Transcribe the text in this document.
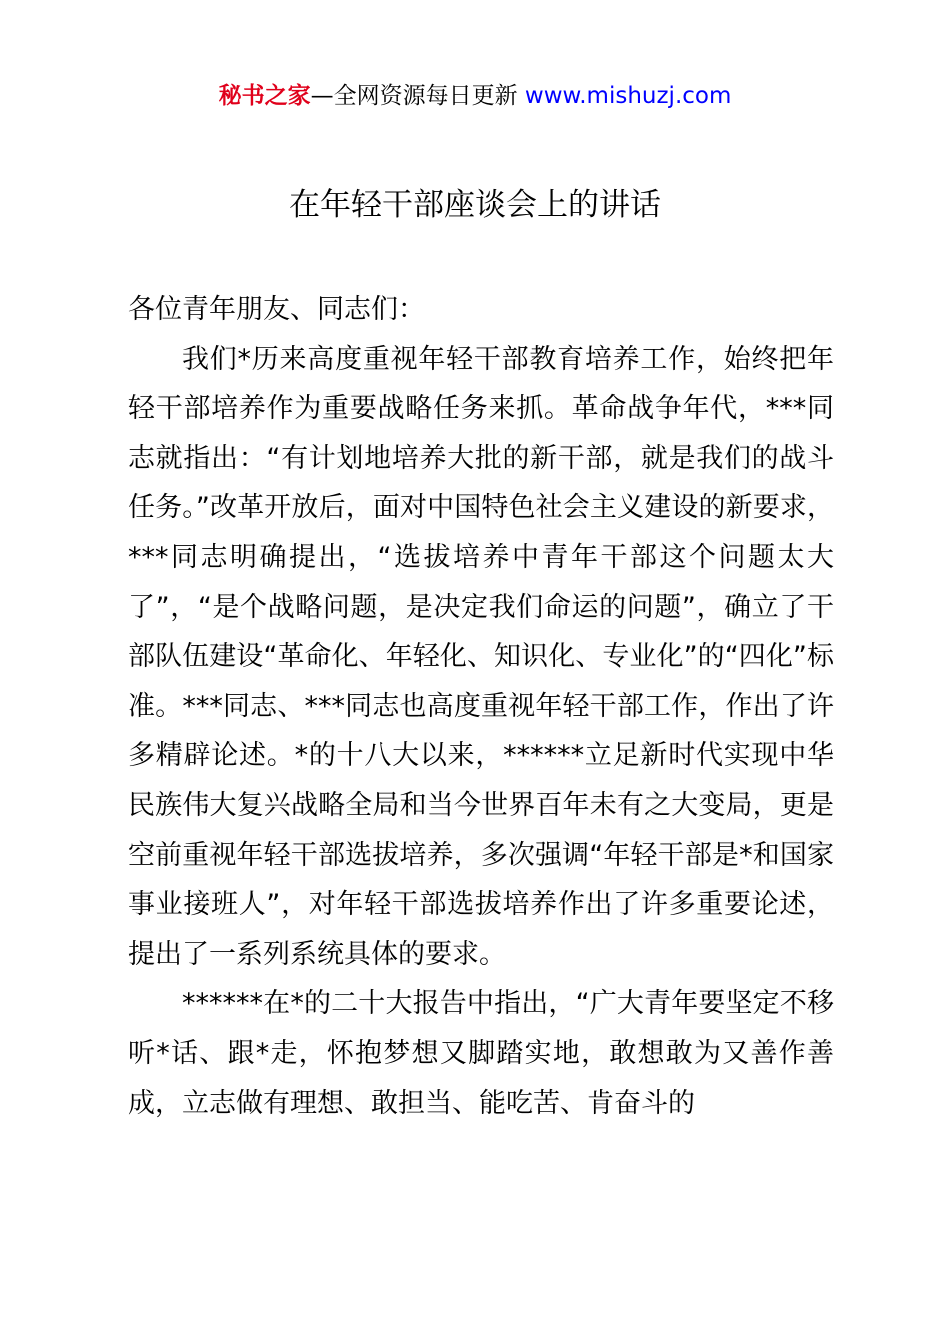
秘书之家—全网资源每日更新 www.mishuzj.com
在年轻干部座谈会上的讲话

各位青年朋友、同志们：

我们*历来高度重视年轻干部教育培养工作，始终把年轻干部培养作为重要战略任务来抓。革命战争年代，***同志就指出：“有计划地培养大批的新干部，就是我们的战斗任务。”改革开放后，面对中国特色社会主义建设的新要求，***同志明确提出，“选拔培养中青年干部这个问题太大了”，“是个战略问题，是决定我们命运的问题”，确立了干部队伍建设“革命化、年轻化、知识化、专业化”的“四化”标准。***同志、***同志也高度重视年轻干部工作，作出了许多精辟论述。*的十八大以来，******立足新时代实现中华民族伟大复兴战略全局和当今世界百年未有之大变局，更是空前重视年轻干部选拔培养，多次强调“年轻干部是*和国家事业接班人”，对年轻干部选拔培养作出了许多重要论述，提出了一系列系统具体的要求。

******在*的二十大报告中指出，“广大青年要坚定不移听*话、跟*走，怀抱梦想又脚踏实地，敢想敢为又善作善成，立志做有理想、敢担当、能吃苦、肯奋斗的
